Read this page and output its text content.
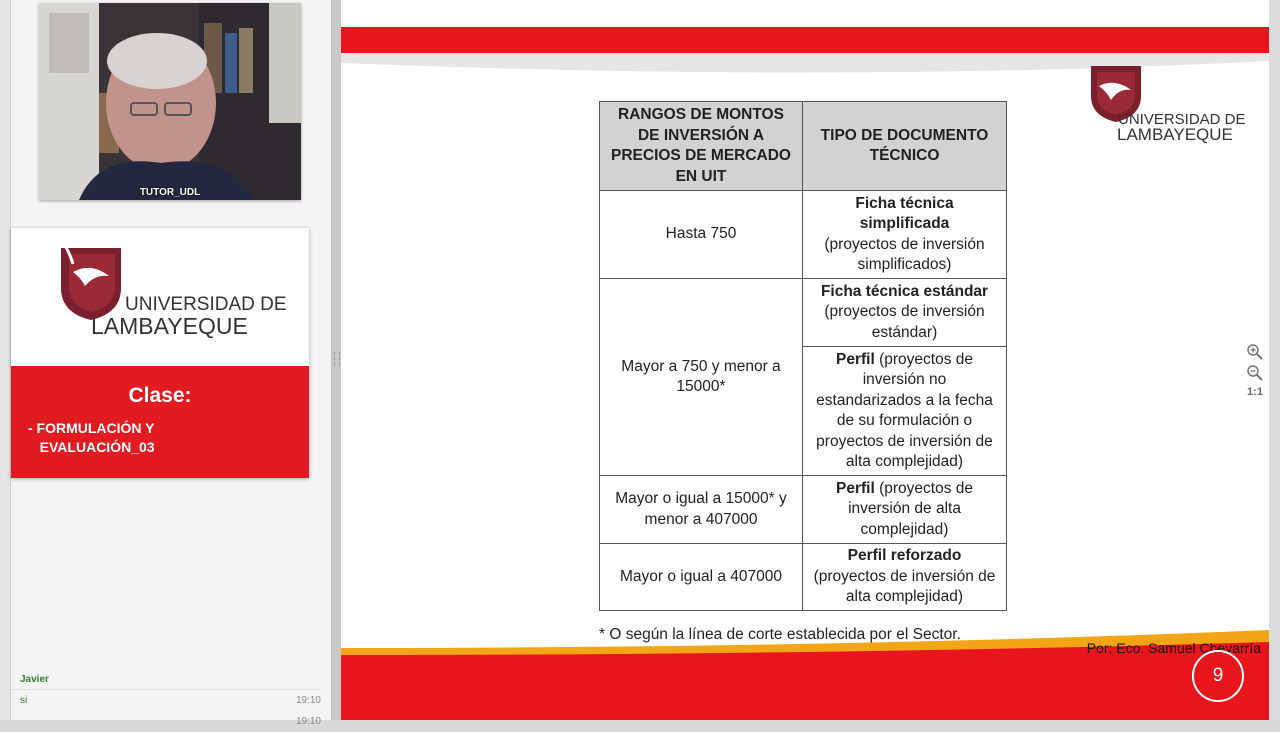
TUTOR_UDL
UNIVERSIDAD DE
LAMBAYEQUE
Clase:
- FORMULACIÓN Y
EVALUACIÓN_03
Javier
si	19:10
19:10
UNIVERSIDAD DE
LAMBAYEQUE
RANGOS DE MONTOS DE INVERSIÓN A PRECIOS DE MERCADO EN UIT	TIPO DE DOCUMENTO TÉCNICO
Hasta 750	Ficha técnica simplificada
(proyectos de inversión simplificados)
Mayor a 750 y menor a 15000*	Ficha técnica estándar
(proyectos de inversión estándar)
	Perfil (proyectos de inversión no estandarizados a la fecha de su formulación o proyectos de inversión de alta complejidad)
Mayor o igual a 15000* y menor a 407000	Perfil (proyectos de inversión de alta complejidad)
Mayor o igual a 407000	Perfil reforzado
(proyectos de inversión de alta complejidad)
* O según la línea de corte establecida por el Sector.
Por: Eco. Samuel Chevarría
9
1:1
